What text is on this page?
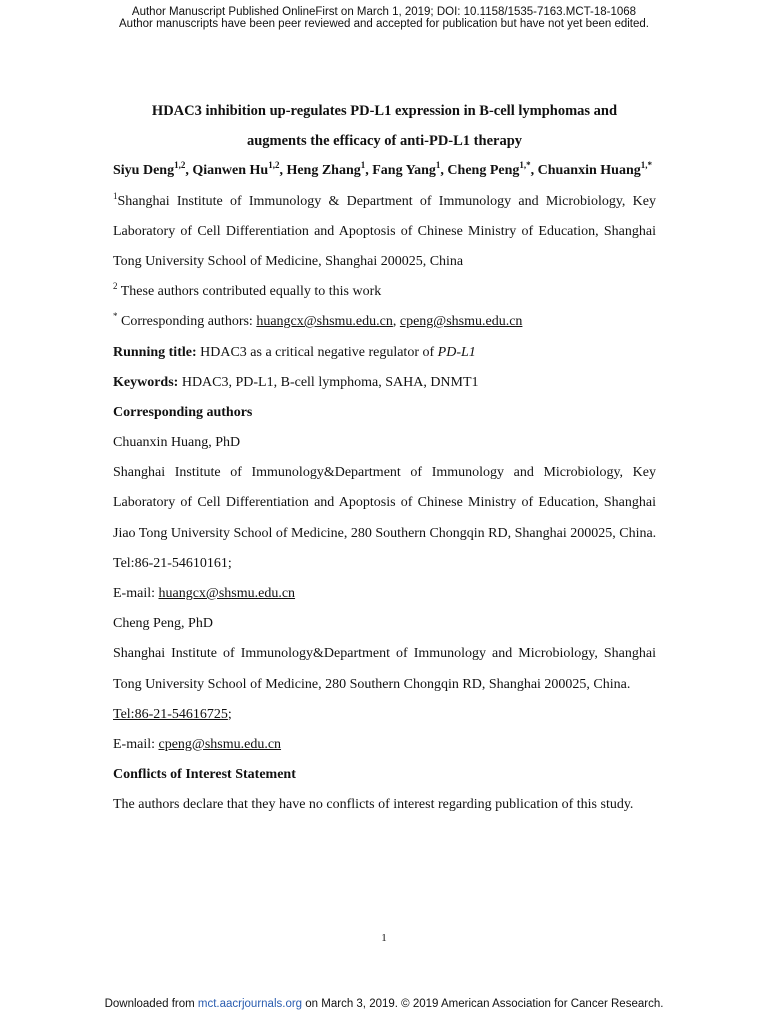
Author Manuscript Published OnlineFirst on March 1, 2019; DOI: 10.1158/1535-7163.MCT-18-1068
Author manuscripts have been peer reviewed and accepted for publication but have not yet been edited.
HDAC3 inhibition up-regulates PD-L1 expression in B-cell lymphomas and
augments the efficacy of anti-PD-L1 therapy
Siyu Deng$^{1,2}$, Qianwen Hu$^{1,2}$, Heng Zhang$^1$, Fang Yang$^1$, Cheng Peng$^{1,*}$, Chuanxin Huang$^{1,*}$
$^1$Shanghai Institute of Immunology & Department of Immunology and Microbiology, Key
Laboratory of Cell Differentiation and Apoptosis of Chinese Ministry of Education, Shanghai
Tong University School of Medicine, Shanghai 200025, China
$^2$ These authors contributed equally to this work
* Corresponding authors: huangcx@shsmu.edu.cn, cpeng@shsmu.edu.cn
Running title: HDAC3 as a critical negative regulator of PD-L1
Keywords: HDAC3, PD-L1, B-cell lymphoma, SAHA, DNMT1
Corresponding authors
Chuanxin Huang, PhD
Shanghai Institute of Immunology&Department of Immunology and Microbiology, Key
Laboratory of Cell Differentiation and Apoptosis of Chinese Ministry of Education, Shanghai
Jiao Tong University School of Medicine, 280 Southern Chongqin RD, Shanghai 200025, China.
Tel:86-21-54610161;
E-mail: huangcx@shsmu.edu.cn
Cheng Peng, PhD
Shanghai Institute of Immunology&Department of Immunology and Microbiology, Shanghai
Tong University School of Medicine, 280 Southern Chongqin RD, Shanghai 200025, China.
Tel:86-21-54616725;
E-mail: cpeng@shsmu.edu.cn
Conflicts of Interest Statement
The authors declare that they have no conflicts of interest regarding publication of this study.
1
Downloaded from mct.aacrjournals.org on March 3, 2019. © 2019 American Association for Cancer Research.
